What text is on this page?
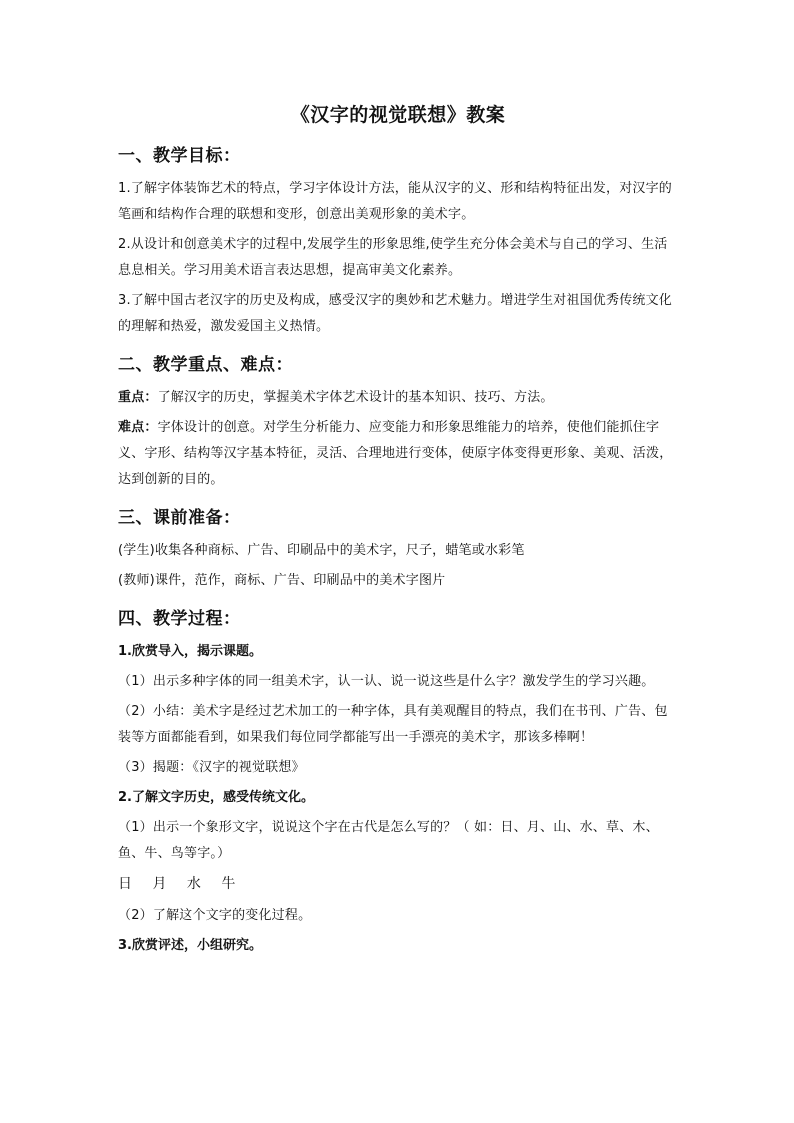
《汉字的视觉联想》教案
一、教学目标：
1.了解字体装饰艺术的特点，学习字体设计方法，能从汉字的义、形和结构特征出发，对汉字的笔画和结构作合理的联想和变形，创意出美观形象的美术字。
2.从设计和创意美术字的过程中,发展学生的形象思维,使学生充分体会美术与自己的学习、生活息息相关。学习用美术语言表达思想，提高审美文化素养。
3.了解中国古老汉字的历史及构成，感受汉字的奥妙和艺术魅力。增进学生对祖国优秀传统文化的理解和热爱，激发爱国主义热情。
二、教学重点、难点：
重点：了解汉字的历史，掌握美术字体艺术设计的基本知识、技巧、方法。
难点：字体设计的创意。对学生分析能力、应变能力和形象思维能力的培养，使他们能抓住字义、字形、结构等汉字基本特征，灵活、合理地进行变体，使原字体变得更形象、美观、活泼，达到创新的目的。
三、课前准备：
(学生)收集各种商标、广告、印刷品中的美术字，尺子，蜡笔或水彩笔
(教师)课件，范作，商标、广告、印刷品中的美术字图片
四、教学过程：
1.欣赏导入，揭示课题。
（1）出示多种字体的同一组美术字，认一认、说一说这些是什么字？激发学生的学习兴趣。
（2）小结：美术字是经过艺术加工的一种字体，具有美观醒目的特点，我们在书刊、广告、包装等方面都能看到，如果我们每位同学都能写出一手漂亮的美术字，那该多棒啊！
（3）揭题：《汉字的视觉联想》
2.了解文字历史，感受传统文化。
（1）出示一个象形文字，说说这个字在古代是怎么写的？（ 如：日、月、山、水、草、木、鱼、牛、鸟等字。）
日 月 水 牛
（2）了解这个文字的变化过程。
3.欣赏评述，小组研究。
